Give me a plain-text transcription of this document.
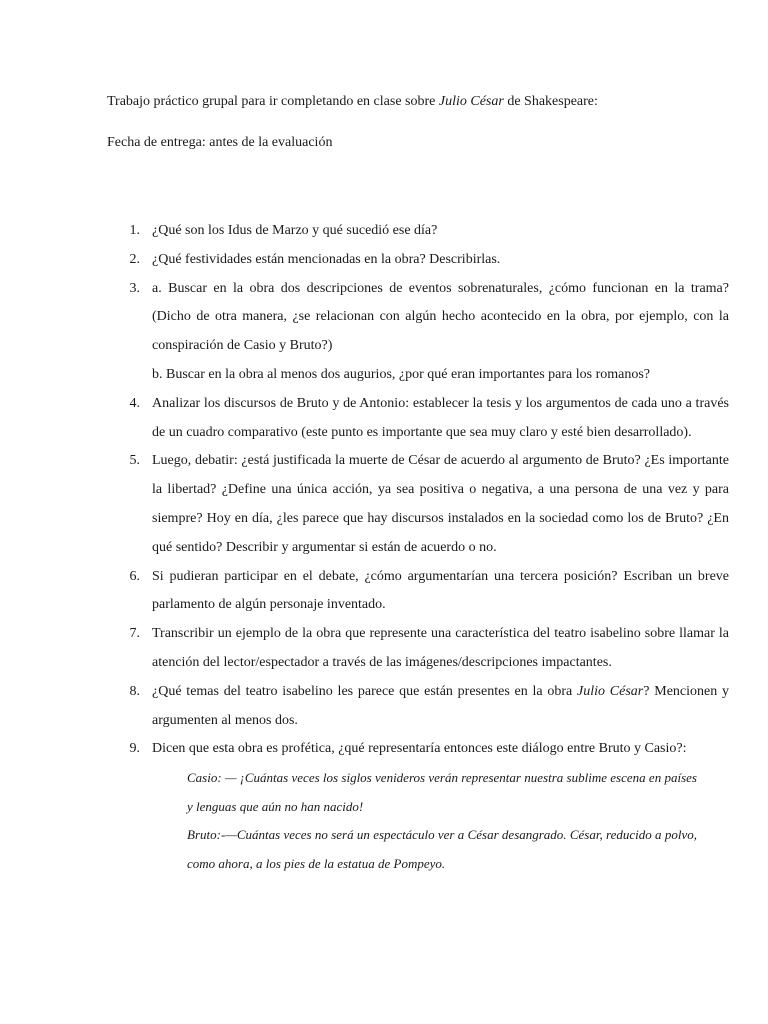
Trabajo práctico grupal para ir completando en clase sobre Julio César de Shakespeare:
Fecha de entrega: antes de la evaluación
1. ¿Qué son los Idus de Marzo y qué sucedió ese día?
2. ¿Qué festividades están mencionadas en la obra? Describirlas.
3. a. Buscar en la obra dos descripciones de eventos sobrenaturales, ¿cómo funcionan en la trama? (Dicho de otra manera, ¿se relacionan con algún hecho acontecido en la obra, por ejemplo, con la conspiración de Casio y Bruto?)
b. Buscar en la obra al menos dos augurios, ¿por qué eran importantes para los romanos?
4. Analizar los discursos de Bruto y de Antonio: establecer la tesis y los argumentos de cada uno a través de un cuadro comparativo (este punto es importante que sea muy claro y esté bien desarrollado).
5. Luego, debatir: ¿está justificada la muerte de César de acuerdo al argumento de Bruto? ¿Es importante la libertad? ¿Define una única acción, ya sea positiva o negativa, a una persona de una vez y para siempre? Hoy en día, ¿les parece que hay discursos instalados en la sociedad como los de Bruto? ¿En qué sentido? Describir y argumentar si están de acuerdo o no.
6. Si pudieran participar en el debate, ¿cómo argumentarían una tercera posición? Escriban un breve parlamento de algún personaje inventado.
7. Transcribir un ejemplo de la obra que represente una característica del teatro isabelino sobre llamar la atención del lector/espectador a través de las imágenes/descripciones impactantes.
8. ¿Qué temas del teatro isabelino les parece que están presentes en la obra Julio César? Mencionen y argumenten al menos dos.
9. Dicen que esta obra es profética, ¿qué representaría entonces este diálogo entre Bruto y Casio?:
Casio: — ¡Cuántas veces los siglos venideros verán representar nuestra sublime escena en países y lenguas que aún no han nacido!
Bruto:-—Cuántas veces no será un espectáculo ver a César desangrado. César, reducido a polvo, como ahora, a los pies de la estatua de Pompeyo.
